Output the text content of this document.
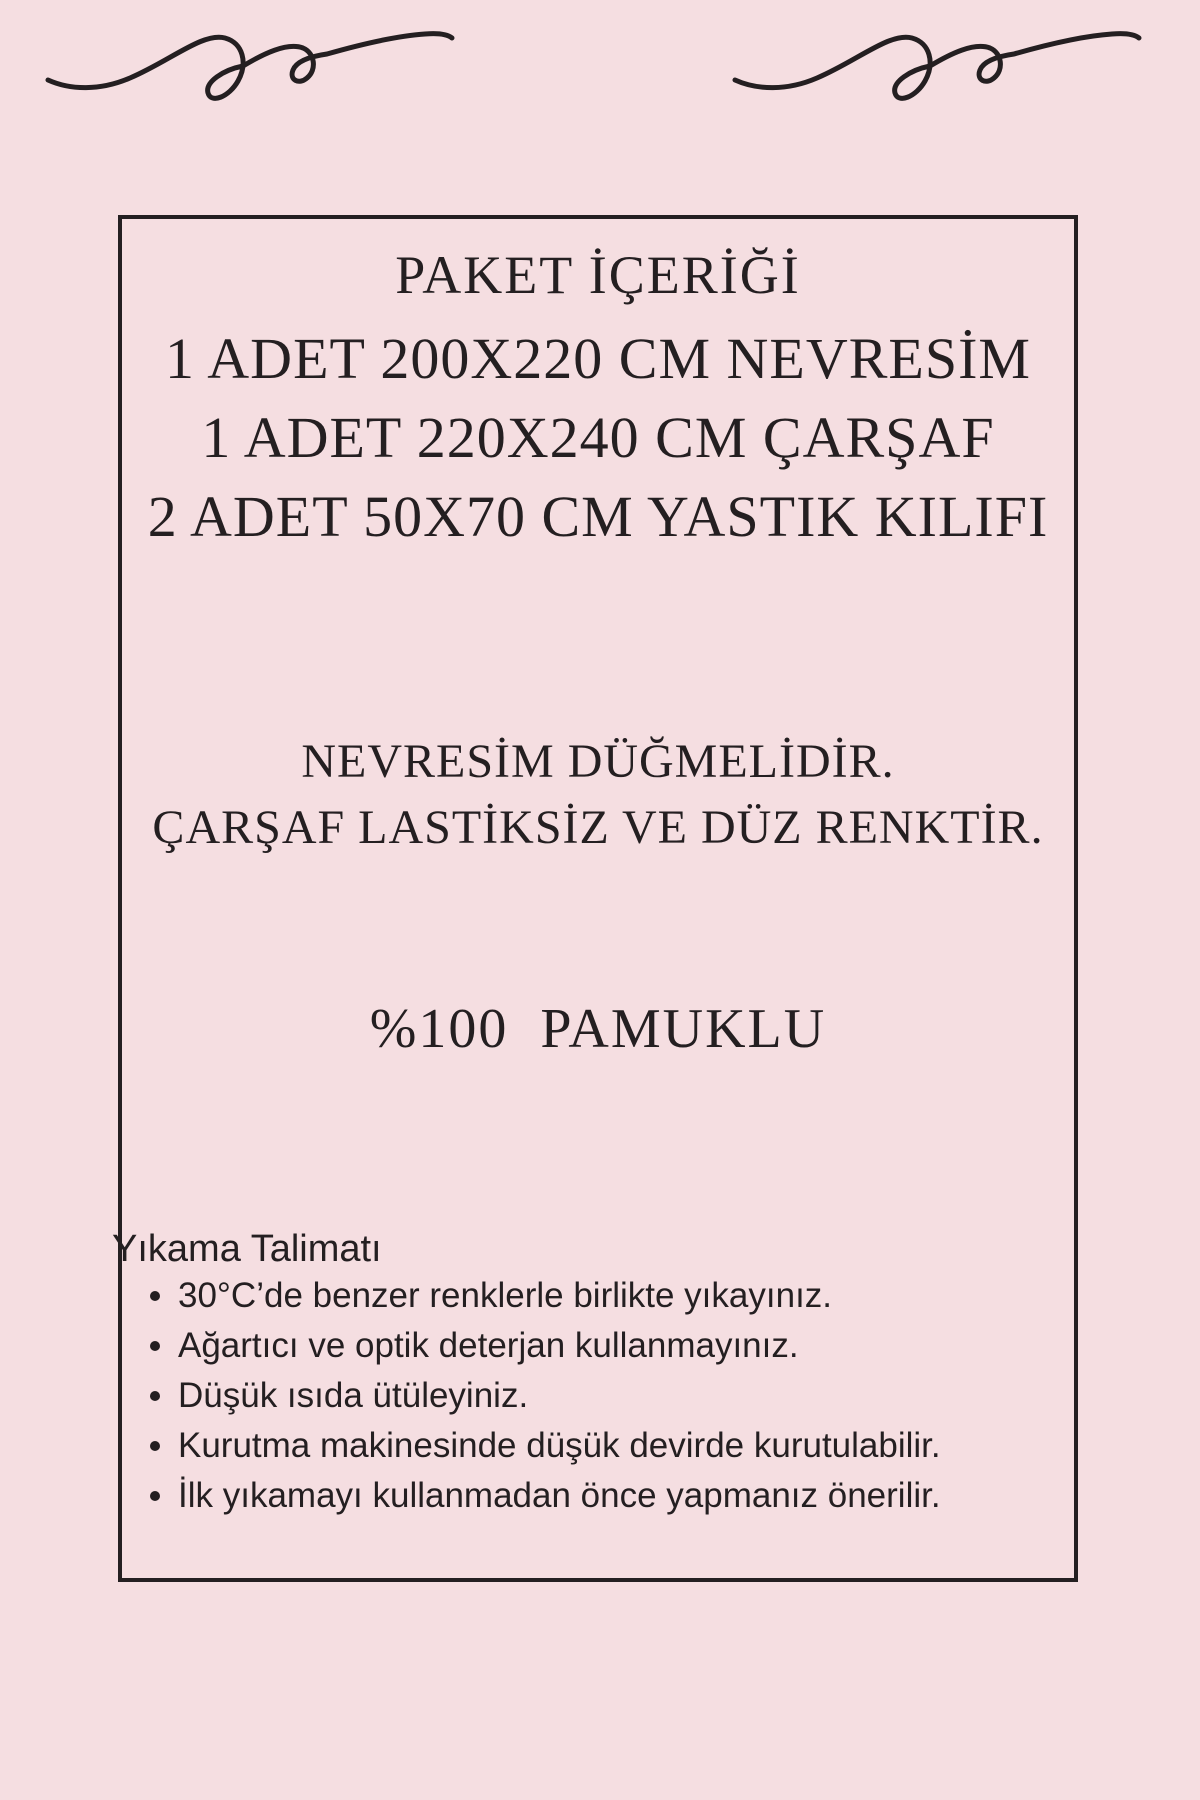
PAKET İÇERİĞİ
1 ADET 200X220 CM NEVRESİM
1 ADET 220X240 CM ÇARŞAF
2 ADET 50X70 CM YASTIK KILIFI
NEVRESİM DÜĞMELİDİR.
ÇARŞAF LASTİKSİZ VE DÜZ RENKTİR.
%100  PAMUKLU
Yıkama Talimatı
30°C’de benzer renklerle birlikte yıkayınız.
Ağartıcı ve optik deterjan kullanmayınız.
Düşük ısıda ütüleyiniz.
Kurutma makinesinde düşük devirde kurutulabilir.
İlk yıkamayı kullanmadan önce yapmanız önerilir.
